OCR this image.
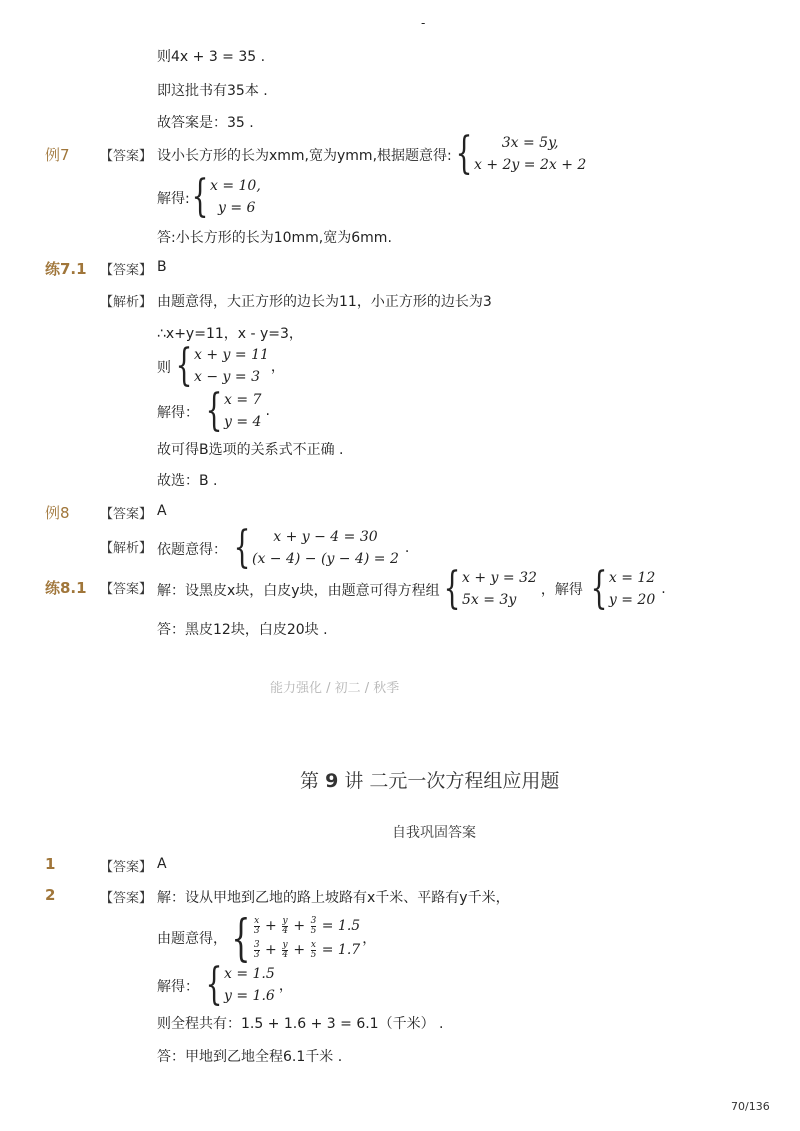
-
则4x + 3 = 35 .
即这批书有35本 .
故答案是：35 .
例7 【答案】 设小长方形的长为xmm,宽为ymm,根据题意得: { 3x = 5y,
x + 2y = 2x + 2
解得: { x = 10,
y = 6
答:小长方形的长为10mm,宽为6mm.
练7.1 【答案】 B
【解析】 由题意得，大正方形的边长为11，小正方形的边长为3
∴x+y=11，x - y=3，
则 { x + y = 11
x − y = 3
，
解得： { x = 7
y = 4
.
故可得B选项的关系式不正确 .
故选：B .
例8 【答案】 A
【解析】 依题意得： { x + y − 4 = 30
(x − 4) − (y − 4) = 2
.
练8.1 【答案】 解：设黑皮x块，白皮y块，由题意可得方程组 { x + y = 32
5x = 3y
，解得 { x = 12
y = 20
.
答：黑皮12块，白皮20块 .
能力强化 / 初二 / 秋季
第 9 讲 二元一次方程组应用题
自我巩固答案
1	【答案】 A
2	【答案】 解：设从甲地到乙地的路上坡路有x千米、平路有y千米，
由题意得， { $\frac{x}{3} + \frac{y}{4} + \frac{3}{5} = 1.5$
$\frac{3}{3} + \frac{y}{4} + \frac{x}{5} = 1.7$
，
解得： { x = 1.5
y = 1.6
，
则全程共有：1.5 + 1.6 + 3 = 6.1（千米） .
答：甲地到乙地全程6.1千米 .
70/136
